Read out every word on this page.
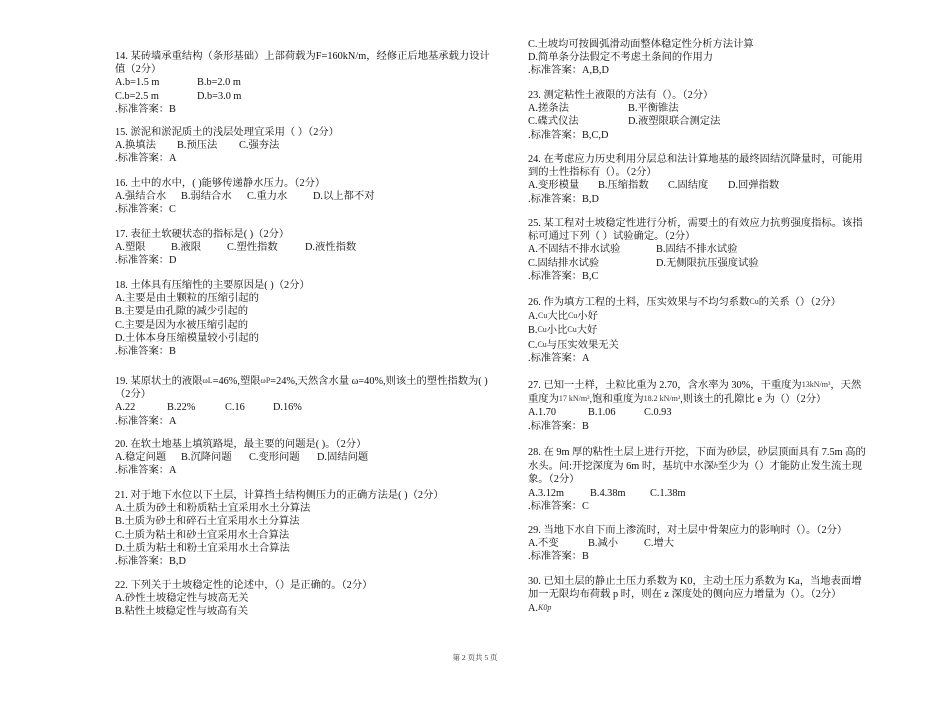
14. 某砖墙承重结构（条形基础）上部荷载为F=160kN/m，经修正后地基承载力设计值（2分）

A.b=1.5 m	B.b=2.0 m
C.b=2.5 m	D.b=3.0 m

.标准答案：B

15. 淤泥和淤泥质土的浅层处理宜采用（ ）（2分）

A.换填法	B.预压法	C.强夯法

.标准答案：A

16. 土中的水中，( )能够传递静水压力。（2分）

A.强结合水	B.弱结合水	C.重力水	D.以上都不对

.标准答案：C

17. 表征土软硬状态的指标是( )（2分）

A.塑限	B.液限	C.塑性指数	D.液性指数

.标准答案：D

18. 土体具有压缩性的主要原因是( )（2分）

A.主要是由土颗粒的压缩引起的

B.主要是由孔隙的减少引起的

C.主要是因为水被压缩引起的

D.土体本身压缩模量较小引起的

.标准答案：B

19. 某原状土的液限ωL=46%,塑限ωP=24%,天然含水量 ω=40%,则该土的塑性指数为( )（2分）

A.22	B.22%	C.16	D.16%

.标准答案：A

20. 在软土地基上填筑路堤，最主要的问题是( )。（2分）

A.稳定问题	B.沉降问题	C.变形问题	D.固结问题

.标准答案：A

21. 对于地下水位以下土层，计算挡土结构侧压力的正确方法是( )（2分）

A.土质为砂土和粉质粘土宜采用水土分算法

B.土质为砂土和碎石土宜采用水土分算法

C.土质为粘土和砂土宜采用水土合算法

D.土质为粘土和粉土宜采用水土合算法

.标准答案：B,D

22. 下列关于土坡稳定性的论述中，（）是正确的。（2分）

A.砂性土坡稳定性与坡高无关

B.粘性土坡稳定性与坡高有关

C.土坡均可按圆弧滑动面整体稳定性分析方法计算

D.简单条分法假定不考虑土条间的作用力

.标准答案：A,B,D

23. 测定粘性土液限的方法有（）。（2分）

A.搓条法	B.平衡锥法
C.碟式仪法	D.液塑限联合测定法

.标准答案：B,C,D

24. 在考虑应力历史利用分层总和法计算地基的最终固结沉降量时，可能用到的土性指标有（）。（2分）

A.变形模量	B.压缩指数	C.固结度	D.回弹指数

.标准答案：B,D

25. 某工程对土坡稳定性进行分析，需要土的有效应力抗剪强度指标。该指标可通过下列（ ）试验确定。（2分）

A.不固结不排水试验	B.固结不排水试验
C.固结排水试验	D.无侧限抗压强度试验

.标准答案：B,C

26. 作为填方工程的土料，压实效果与不均匀系数Cu的关系（）（2分）

A.Cu大比Cu小好

B.Cu小比Cu大好

C.Cu与压实效果无关

.标准答案：A

27. 已知一土样，土粒比重为 2.70，含水率为 30%，干重度为13kN/m³，天然重度为17 kN/m³,饱和重度为18.2 kN/m³,则该土的孔隙比 e 为（）（2分）

A.1.70	B.1.06	C.0.93

.标准答案：B

28. 在 9m 厚的粘性土层上进行开挖，下面为砂层，砂层顶面具有 7.5m 高的水头。问:开挖深度为 6m 时，基坑中水深h至少为（）才能防止发生流土现象。（2分）

A.3.12m	B.4.38m	C.1.38m

.标准答案：C

29. 当地下水自下而上渗流时，对土层中骨架应力的影响时（）。（2分）

A.不变	B.减小	C.增大

.标准答案：B

30. 已知土层的静止土压力系数为 K0，主动土压力系数为 Ka，当地表面增加一无限均布荷载 p 时，则在 z 深度处的侧向应力增量为（）。（2分）

A.K0p

第 2 页共 5 页
